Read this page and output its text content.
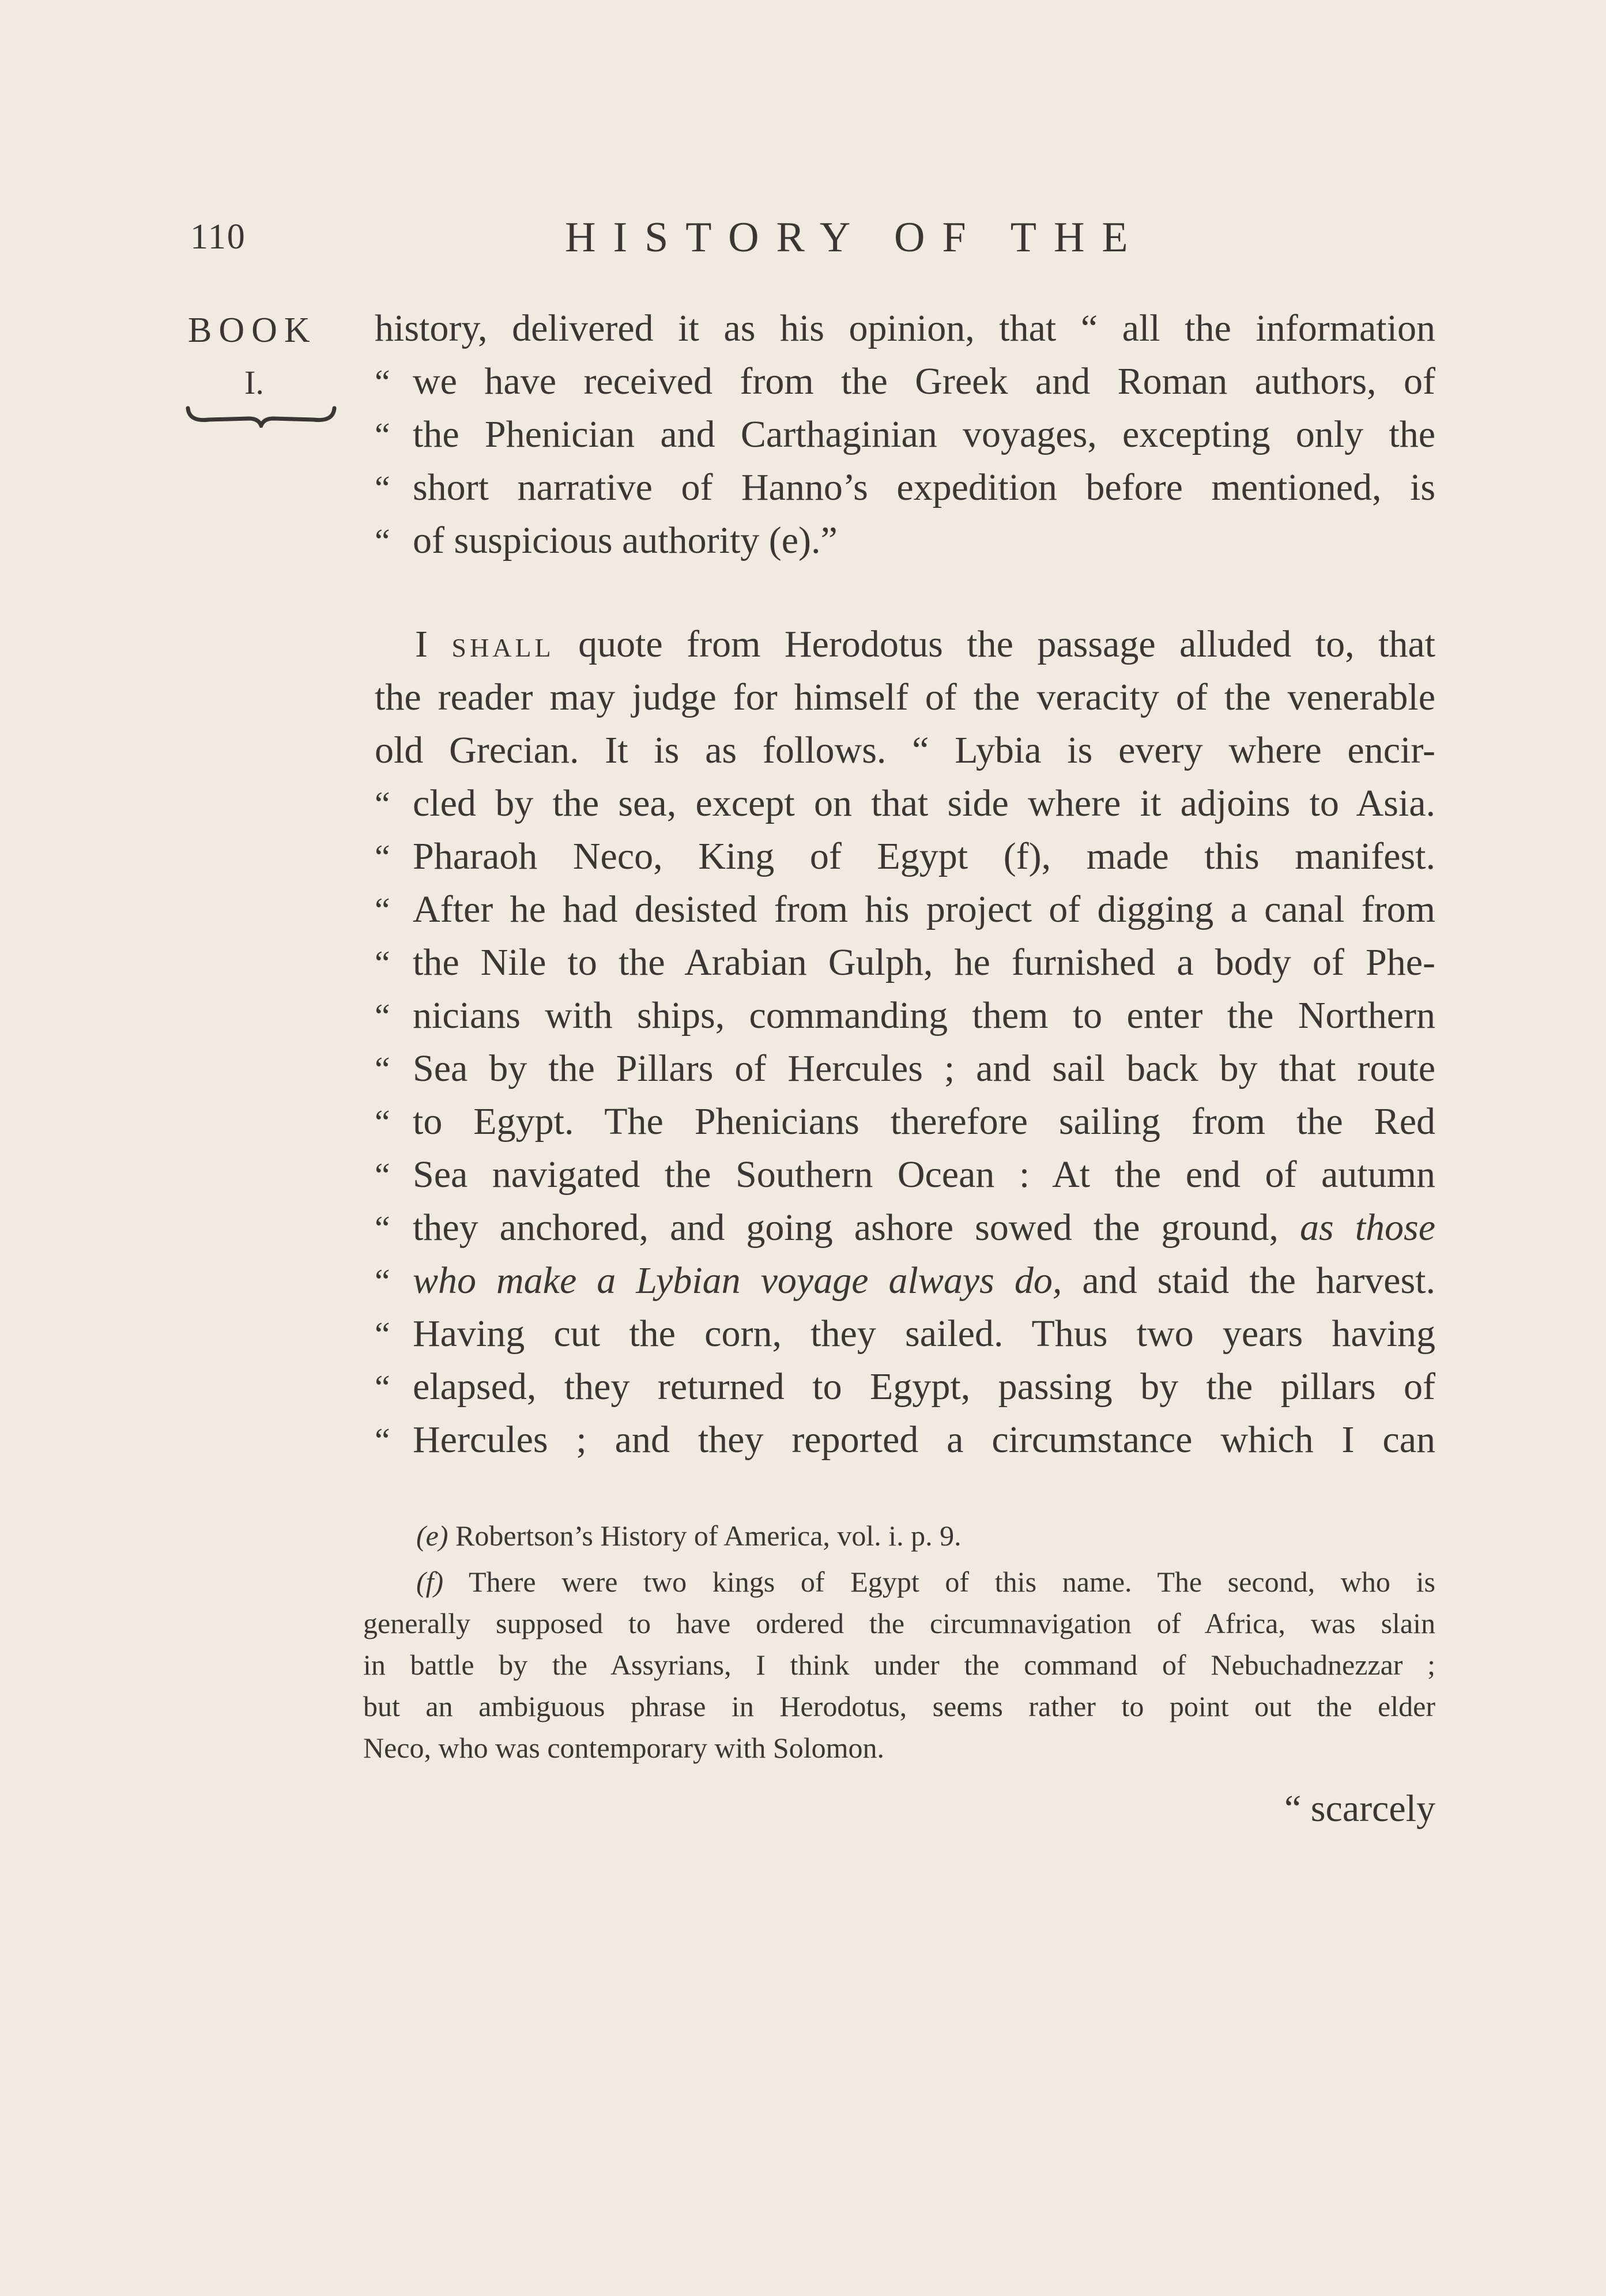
110	HISTORY OF THE
BOOK
I.
history, delivered it as his opinion, that “ all the information
“ we have received from the Greek and Roman authors, of
“ the Phenician and Carthaginian voyages, excepting only the
“ short narrative of Hanno’s expedition before mentioned, is
“ of suspicious authority (e).”
I shall quote from Herodotus the passage alluded to, that
the reader may judge for himself of the veracity of the venerable
old Grecian. It is as follows. “ Lybia is every where encir-
“ cled by the sea, except on that side where it adjoins to Asia.
“ Pharaoh Neco, King of Egypt (f), made this manifest.
“ After he had desisted from his project of digging a canal from
“ the Nile to the Arabian Gulph, he furnished a body of Phe-
“ nicians with ships, commanding them to enter the Northern
“ Sea by the Pillars of Hercules ; and sail back by that route
“ to Egypt. The Phenicians therefore sailing from the Red
“ Sea navigated the Southern Ocean : At the end of autumn
“ they anchored, and going ashore sowed the ground, as those
“ who make a Lybian voyage always do, and staid the harvest.
“ Having cut the corn, they sailed. Thus two years having
“ elapsed, they returned to Egypt, passing by the pillars of
“ Hercules ; and they reported a circumstance which I can
(e) Robertson’s History of America, vol. i. p. 9.
(f) There were two kings of Egypt of this name. The second, who is
generally supposed to have ordered the circumnavigation of Africa, was slain
in battle by the Assyrians, I think under the command of Nebuchadnezzar ;
but an ambiguous phrase in Herodotus, seems rather to point out the elder
Neco, who was contemporary with Solomon.
“ scarcely
